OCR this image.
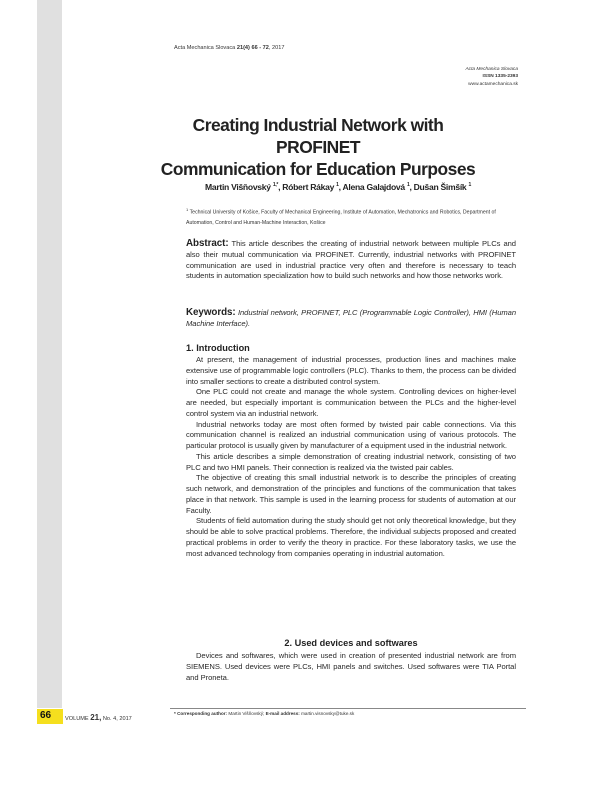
66 VOLUME 21, No. 4, 2017
Acta Mechanica Slovaca 21(4) 66 - 72, 2017
Acta Mechanica Slovaca
ISSN 1335-2393
www.actamechanica.sk
Creating Industrial Network with PROFINET
Communication for Education Purposes
Martin Višňovský $^{1,*}$, Róbert Rákay $^1$, Alena Galajdová $^1$, Dušan Šimšík $^1$
$^1$ Technical University of Košice, Faculty of Mechanical Engineering, Institute of Automation, Mechatronics and Robotics, Department of Automation, Control and Human-Machine Interaction, Košice
Abstract: This article describes the creating of industrial network between multiple PLCs and also their mutual communication via PROFINET. Currently, industrial networks with PROFINET communication are used in industrial practice very often and therefore is necessary to teach students in automation specialization how to build such networks and how those networks work.
Keywords: Industrial network, PROFINET, PLC (Programmable Logic Controller), HMI (Human Machine Interface).
1. Introduction

At present, the management of industrial processes, production lines and machines make extensive use of programmable logic controllers (PLC). Thanks to them, the process can be divided into smaller sections to create a distributed control system.

One PLC could not create and manage the whole system. Controlling devices on higher-level are needed, but especially important is communication between the PLCs and the higher-level control system via an industrial network.

Industrial networks today are most often formed by twisted pair cable connections. Via this communication channel is realized an industrial communication using of various protocols. The particular protocol is usually given by manufacturer of a equipment used in the industrial network.

This article describes a simple demonstration of creating industrial network, consisting of two PLC and two HMI panels. Their connection is realized via the twisted pair cables.

The objective of creating this small industrial network is to describe the principles of creating such network, and demonstration of the principles and functions of the communication that takes place in that network. This sample is used in the learning process for students of automation at our Faculty.

Students of field automation during the study should get not only theoretical knowledge, but they should be able to solve practical problems. Therefore, the individual subjects proposed and created practical problems in order to verify the theory in practice. For these laboratory tasks, we use the most advanced technology from companies operating in industrial automation.

2. Used devices and softwares

Devices and softwares, which were used in creation of presented industrial network are from SIEMENS. Used devices were PLCs, HMI panels and switches. Used softwares were TIA Portal and Proneta.

* Corresponding author: Martin Višňovský; E-mail address: martin.visnovsky@tuke.sk
